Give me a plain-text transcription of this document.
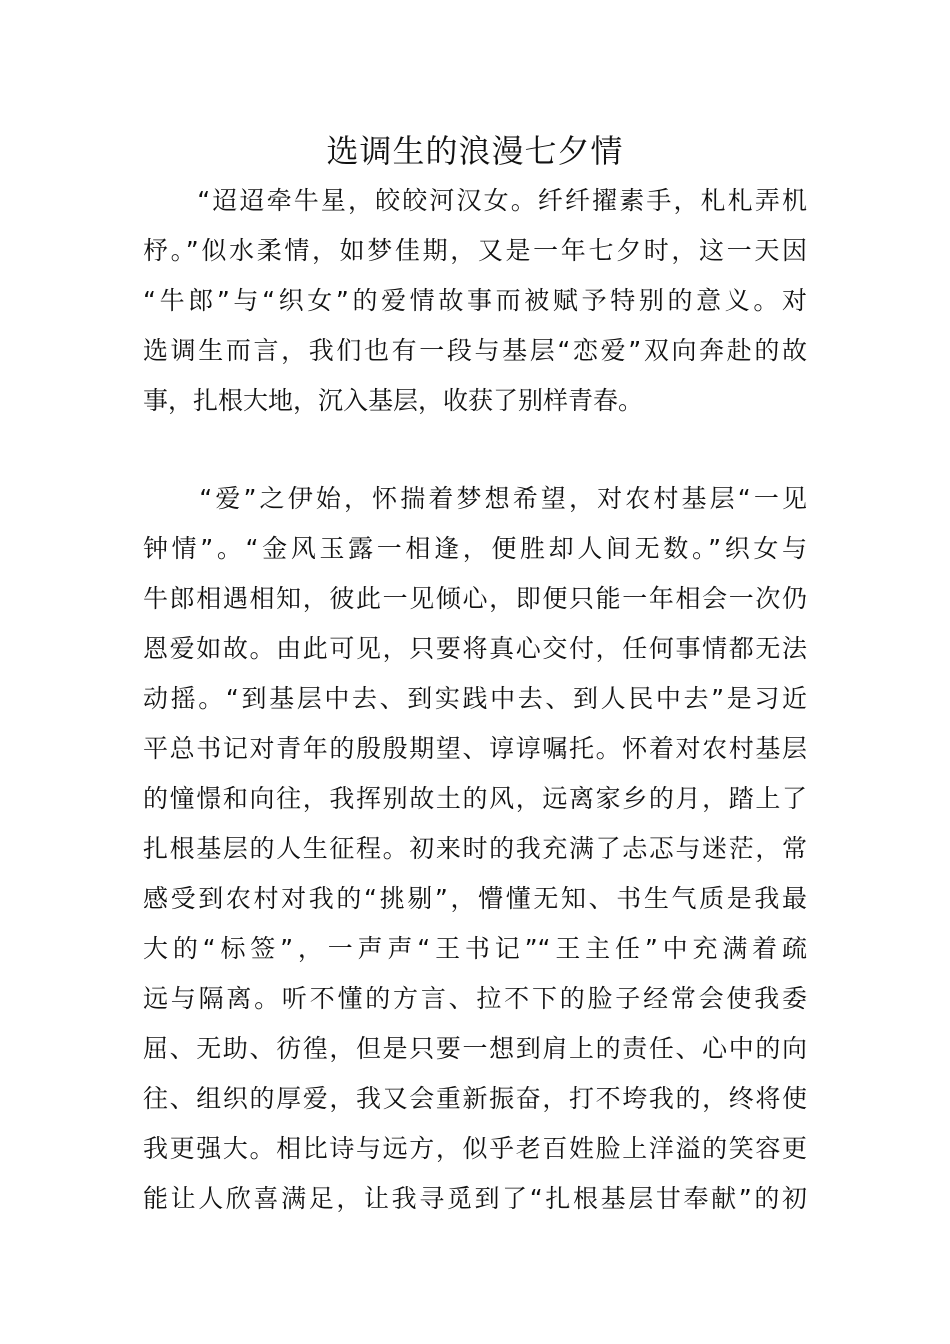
选调生的浪漫七夕情
　　“迢迢牵牛星，皎皎河汉女。纤纤擢素手，札札弄机
杼。”似水柔情，如梦佳期，又是一年七夕时，这一天因
“牛郎”与“织女”的爱情故事而被赋予特别的意义。对
选调生而言，我们也有一段与基层“恋爱”双向奔赴的故
事，扎根大地，沉入基层，收获了别样青春。
　　“爱”之伊始，怀揣着梦想希望，对农村基层“一见
钟情”。“金风玉露一相逢，便胜却人间无数。”织女与
牛郎相遇相知，彼此一见倾心，即便只能一年相会一次仍
恩爱如故。由此可见，只要将真心交付，任何事情都无法
动摇。“到基层中去、到实践中去、到人民中去”是习近
平总书记对青年的殷殷期望、谆谆嘱托。怀着对农村基层
的憧憬和向往，我挥别故土的风，远离家乡的月，踏上了
扎根基层的人生征程。初来时的我充满了忐忑与迷茫，常
感受到农村对我的“挑剔”，懵懂无知、书生气质是我最
大的“标签”，一声声“王书记”“王主任”中充满着疏
远与隔离。听不懂的方言、拉不下的脸子经常会使我委
屈、无助、彷徨，但是只要一想到肩上的责任、心中的向
往、组织的厚爱，我又会重新振奋，打不垮我的，终将使
我更强大。相比诗与远方，似乎老百姓脸上洋溢的笑容更
能让人欣喜满足，让我寻觅到了“扎根基层甘奉献”的初
